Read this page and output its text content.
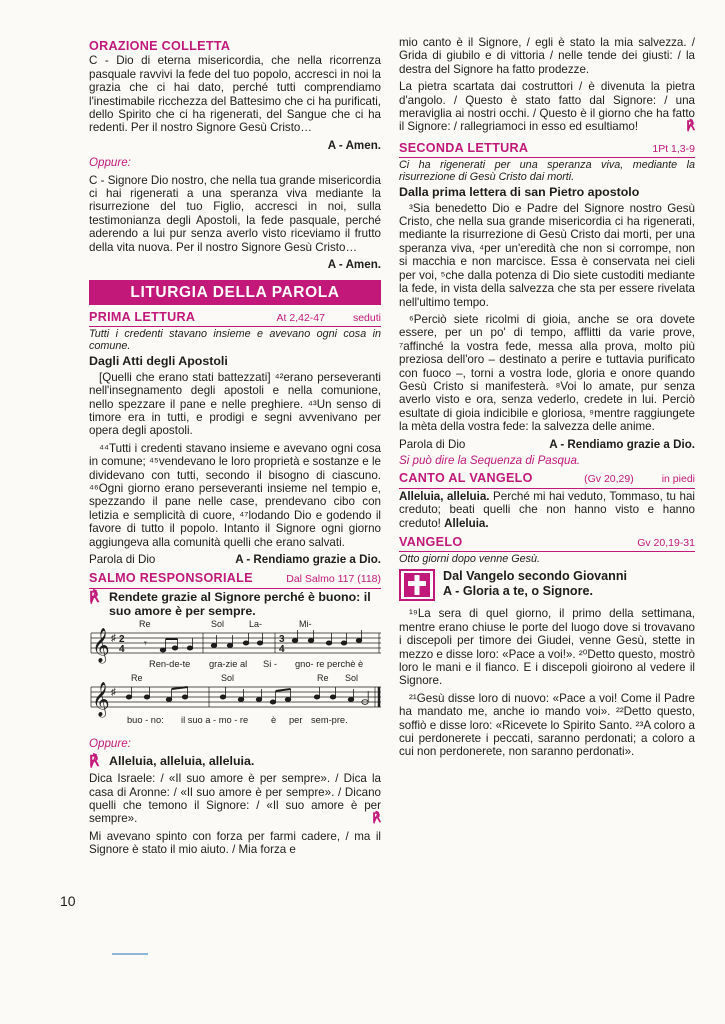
ORAZIONE COLLETTA

C - Dio di eterna misericordia, che nella ricorrenza pasquale ravvivi la fede del tuo popolo, accresci in noi la grazia che ci hai dato, perché tutti comprendiamo l'inestimabile ricchezza del Battesimo che ci ha purificati, dello Spirito che ci ha rigenerati, del Sangue che ci ha redenti. Per il nostro Signore Gesù Cristo…

A - Amen.

Oppure:

C - Signore Dio nostro, che nella tua grande misericordia ci hai rigenerati a una speranza viva mediante la risurrezione del tuo Figlio, accresci in noi, sulla testimonianza degli Apostoli, la fede pasquale, perché aderendo a lui pur senza averlo visto riceviamo il frutto della vita nuova. Per il nostro Signore Gesù Cristo…

A - Amen.

LITURGIA DELLA PAROLA
PRIMA LETTURA	At 2,42-47	seduti

Tutti i credenti stavano insieme e avevano ogni cosa in comune.

Dagli Atti degli Apostoli

[Quelli che erano stati battezzati] ⁴²erano perseveranti nell'insegnamento degli apostoli e nella comunione, nello spezzare il pane e nelle preghiere. ⁴³Un senso di timore era in tutti, e prodigi e segni avvenivano per opera degli apostoli.

⁴⁴Tutti i credenti stavano insieme e avevano ogni cosa in comune; ⁴⁵vendevano le loro proprietà e sostanze e le dividevano con tutti, secondo il bisogno di ciascuno. ⁴⁶Ogni giorno erano perseveranti insieme nel tempio e, spezzando il pane nelle case, prendevano cibo con letizia e semplicità di cuore, ⁴⁷lodando Dio e godendo il favore di tutto il popolo. Intanto il Signore ogni giorno aggiungeva alla comunità quelli che erano salvati.

Parola di Dio	A - Rendiamo grazie a Dio.
SALMO RESPONSORIALE	Dal Salmo 117 (118)
℟ Rendete grazie al Signore perché è buono: il suo amore è per sempre.
Re	Sol	La-	Mi-
𝄞 ♯ 2
4
3
4
𝄾
Ren-de-te gra-zie al Si - gno- re perchè è
Re	Sol	Re Sol
𝄞 ♯
buo - no: il suo a - mo - re è per sem-pre.

Oppure:

℟ Alleluia, alleluia, alleluia.

Dica Israele: / «Il suo amore è per sempre». / Dica la casa di Aronne: / «Il suo amore è per sempre». / Dicano quelli che temono il Signore: / «Il suo amore è per sempre».	℟

Mi avevano spinto con forza per farmi cadere, / ma il Signore è stato il mio aiuto. / Mia forza e

mio canto è il Signore, / egli è stato la mia salvezza. / Grida di giubilo e di vittoria / nelle tende dei giusti: / la destra del Signore ha fatto prodezze.

La pietra scartata dai costruttori / è divenuta la pietra d'angolo. / Questo è stato fatto dal Signore: / una meraviglia ai nostri occhi. / Questo è il giorno che ha fatto il Signore: / rallegriamoci in esso ed esultiamo!	℟

SECONDA LETTURA	1Pt 1,3-9

Ci ha rigenerati per una speranza viva, mediante la risurrezione di Gesù Cristo dai morti.

Dalla prima lettera di san Pietro apostolo

³Sia benedetto Dio e Padre del Signore nostro Gesù Cristo, che nella sua grande misericordia ci ha rigenerati, mediante la risurrezione di Gesù Cristo dai morti, per una speranza viva, ⁴per un'eredità che non si corrompe, non si macchia e non marcisce. Essa è conservata nei cieli per voi, ⁵che dalla potenza di Dio siete custoditi mediante la fede, in vista della salvezza che sta per essere rivelata nell'ultimo tempo.

⁶Perciò siete ricolmi di gioia, anche se ora dovete essere, per un po' di tempo, afflitti da varie prove, ⁷affinché la vostra fede, messa alla prova, molto più preziosa dell'oro – destinato a perire e tuttavia purificato con fuoco –, torni a vostra lode, gloria e onore quando Gesù Cristo si manifesterà. ⁸Voi lo amate, pur senza averlo visto e ora, senza vederlo, credete in lui. Perciò esultate di gioia indicibile e gloriosa, ⁹mentre raggiungete la mèta della vostra fede: la salvezza delle anime.

Parola di Dio	A - Rendiamo grazie a Dio.

Si può dire la Sequenza di Pasqua.

CANTO AL VANGELO	(Gv 20,29)	in piedi

Alleluia, alleluia. Perché mi hai veduto, Tommaso, tu hai creduto; beati quelli che non hanno visto e hanno creduto! Alleluia.

VANGELO	Gv 20,19-31

Otto giorni dopo venne Gesù.

Dal Vangelo secondo Giovanni
A - Gloria a te, o Signore.

¹⁹La sera di quel giorno, il primo della settimana, mentre erano chiuse le porte del luogo dove si trovavano i discepoli per timore dei Giudei, venne Gesù, stette in mezzo e disse loro: «Pace a voi!». ²⁰Detto questo, mostrò loro le mani e il fianco. E i discepoli gioirono al vedere il Signore.

²¹Gesù disse loro di nuovo: «Pace a voi! Come il Padre ha mandato me, anche io mando voi». ²²Detto questo, soffiò e disse loro: «Ricevete lo Spirito Santo. ²³A coloro a cui perdonerete i peccati, saranno perdonati; a coloro a cui non perdonerete, non saranno perdonati».

10
